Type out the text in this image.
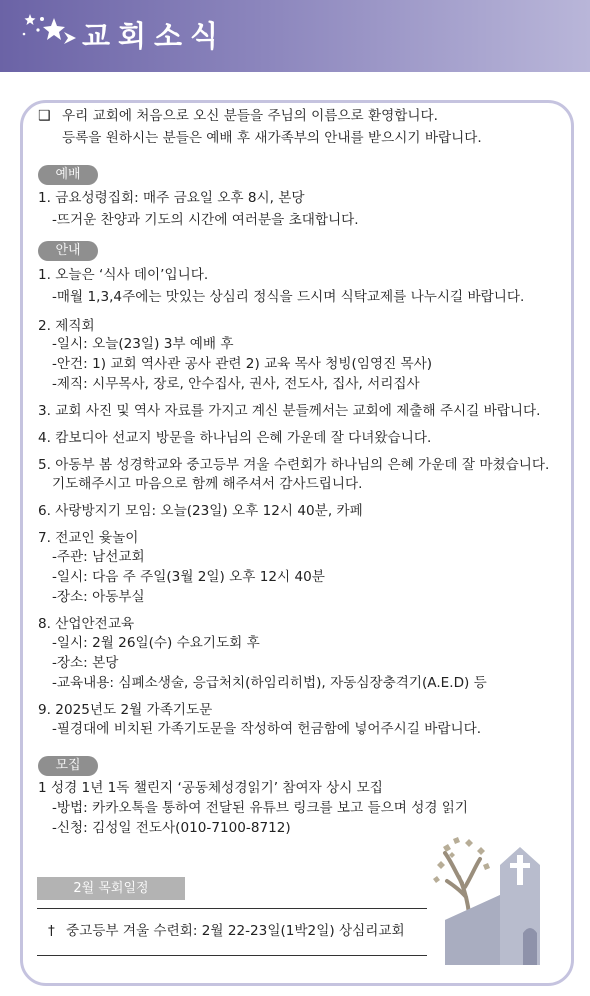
교회소식
❑ 우리 교회에 처음으로 오신 분들을 주님의 이름으로 환영합니다.
등록을 원하시는 분들은 예배 후 새가족부의 안내를 받으시기 바랍니다.
예배
1. 금요성령집회: 매주 금요일 오후 8시, 본당
-뜨거운 찬양과 기도의 시간에 여러분을 초대합니다.
안내
1. 오늘은 ‘식사 데이’입니다.
-매월 1,3,4주에는 맛있는 상심리 정식을 드시며 식탁교제를 나누시길 바랍니다.
2. 제직회
-일시: 오늘(23일) 3부 예배 후
-안건: 1) 교회 역사관 공사 관련 2) 교육 목사 청빙(임영진 목사)
-제직: 시무목사, 장로, 안수집사, 권사, 전도사, 집사, 서리집사
3. 교회 사진 및 역사 자료를 가지고 계신 분들께서는 교회에 제출해 주시길 바랍니다.
4. 캄보디아 선교지 방문을 하나님의 은혜 가운데 잘 다녀왔습니다.
5. 아동부 봄 성경학교와 중고등부 겨울 수련회가 하나님의 은혜 가운데 잘 마쳤습니다.
기도해주시고 마음으로 함께 해주셔서 감사드립니다.
6. 사랑방지기 모임: 오늘(23일) 오후 12시 40분, 카페
7. 전교인 윷놀이
-주관: 남선교회
-일시: 다음 주 주일(3월 2일) 오후 12시 40분
-장소: 아동부실
8. 산업안전교육
-일시: 2월 26일(수) 수요기도회 후
-장소: 본당
-교육내용: 심폐소생술, 응급처치(하임리히법), 자동심장충격기(A.E.D) 등
9. 2025년도 2월 가족기도문
-필경대에 비치된 가족기도문을 작성하여 헌금함에 넣어주시길 바랍니다.
모집
1 성경 1년 1독 챌린지 ‘공동체성경읽기’ 참여자 상시 모집
-방법: 카카오톡을 통하여 전달된 유튜브 링크를 보고 들으며 성경 읽기
-신청: 김성일 전도사(010-7100-8712)
2월 목회일정
† 중고등부 겨울 수련회: 2월 22-23일(1박2일) 상심리교회
